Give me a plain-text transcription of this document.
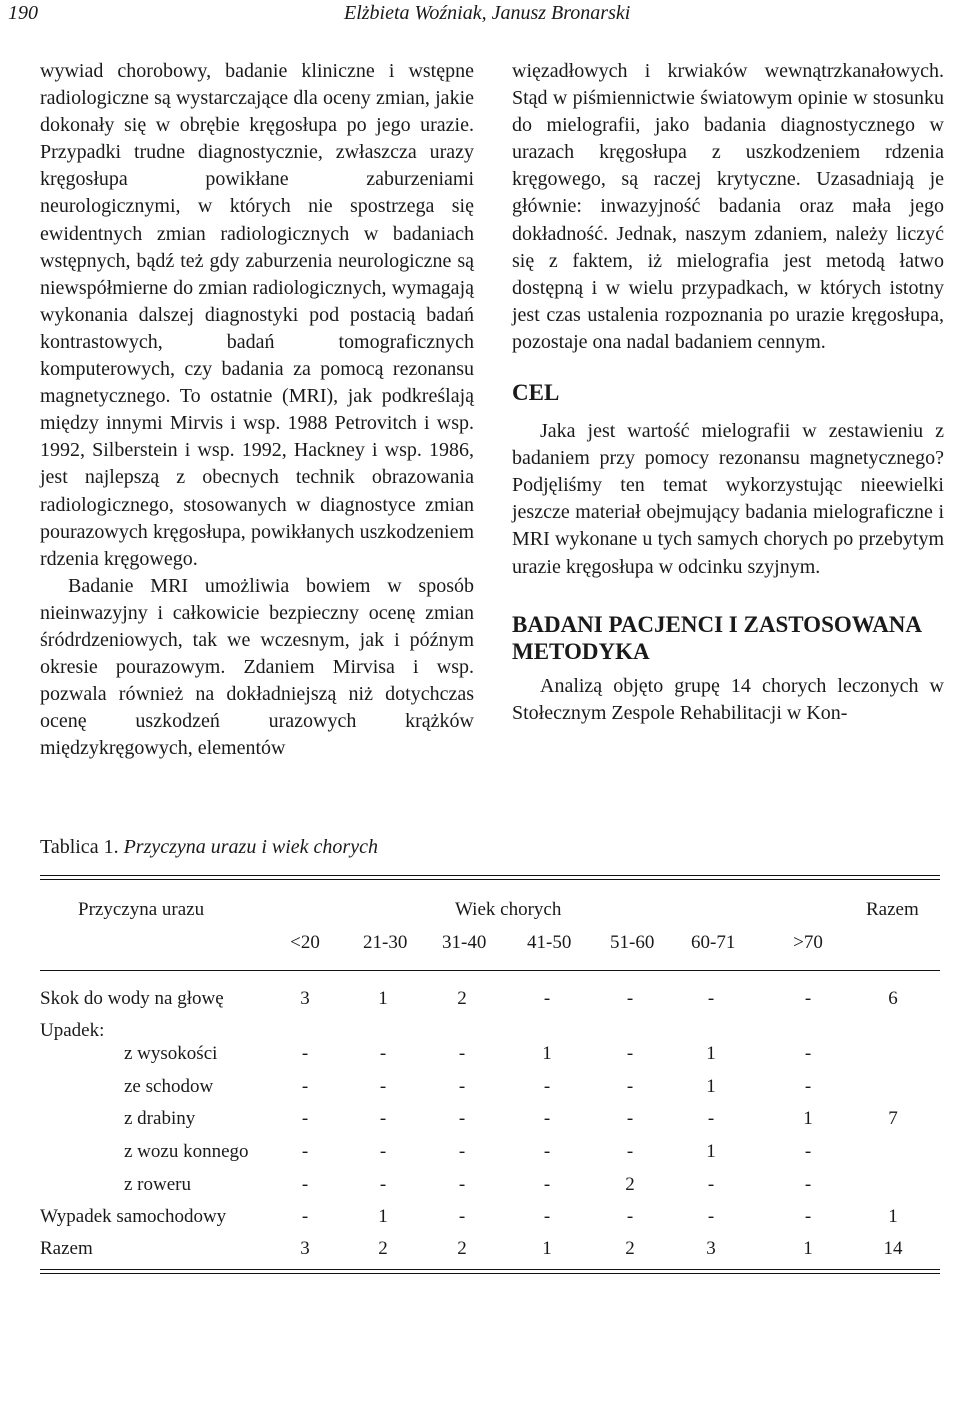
190	Elżbieta Woźniak, Janusz Bronarski

wywiad chorobowy, badanie kliniczne i wstępne radiologiczne są wystarczające dla oceny zmian, jakie dokonały się w obrębie kręgosłupa po jego urazie. Przypadki trudne diagnostycznie, zwłaszcza urazy kręgosłupa powikłane zaburzeniami neurologicznymi, w których nie spostrzega się ewidentnych zmian radiologicznych w badaniach wstępnych, bądź też gdy zaburzenia neurologiczne są niewspółmierne do zmian radiologicznych, wymagają wykonania dalszej diagnostyki pod postacią badań kontrastowych, badań tomograficznych komputerowych, czy badania za pomocą rezonansu magnetycznego. To ostatnie (MRI), jak podkreślają między innymi Mirvis i wsp. 1988 Petrovitch i wsp. 1992, Silberstein i wsp. 1992, Hackney i wsp. 1986, jest najlepszą z obecnych technik obrazowania radiologicznego, stosowanych w diagnostyce zmian pourazowych kręgosłupa, powikłanych uszkodzeniem rdzenia kręgowego.

Badanie MRI umożliwia bowiem w sposób nieinwazyjny i całkowicie bezpieczny ocenę zmian śródrdzeniowych, tak we wczesnym, jak i późnym okresie pourazowym. Zdaniem Mirvisa i wsp. pozwala również na dokładniejszą niż dotychczas ocenę uszkodzeń urazowych krążków międzykręgowych, elementów

więzadłowych i krwiaków wewnątrzkanałowych. Stąd w piśmiennictwie światowym opinie w stosunku do mielografii, jako badania diagnostycznego w urazach kręgosłupa z uszkodzeniem rdzenia kręgowego, są raczej krytyczne. Uzasadniają je głównie: inwazyjność badania oraz mała jego dokładność. Jednak, naszym zdaniem, należy liczyć się z faktem, iż mielografia jest metodą łatwo dostępną i w wielu przypadkach, w których istotny jest czas ustalenia rozpoznania po urazie kręgosłupa, pozostaje ona nadal badaniem cennym.

CEL

Jaka jest wartość mielografii w zestawieniu z badaniem przy pomocy rezonansu magnetycznego? Podjęliśmy ten temat wykorzystując nieewielki jeszcze materiał obejmujący badania mielograficzne i MRI wykonane u tych samych chorych po przebytym urazie kręgosłupa w odcinku szyjnym.

BADANI PACJENCI I ZASTOSOWANA METODYKA

Analizą objęto grupę 14 chorych leczonych w Stołecznym Zespole Rehabilitacji w Kon-

Tablica 1. Przyczyna urazu i wiek chorych
Przyczyna urazu	Wiek chorych	Razem
<20 21-30 31-40 41-50 51-60 60-71	>70
Skok do wody na głowę	3	1	2	-	-	-	-	6
Upadek:
z wysokości	-	-	-	1	-	1	-
ze schodow	-	-	-	-	-	1	-
z drabiny	-	-	-	-	-	-	1	7
z wozu konnego	-	-	-	-	-	1	-
z roweru	-	-	-	-	2	-	-
Wypadek samochodowy	-	1	-	-	-	-	-	1
Razem	3	2	2	1	2	3	1	14
